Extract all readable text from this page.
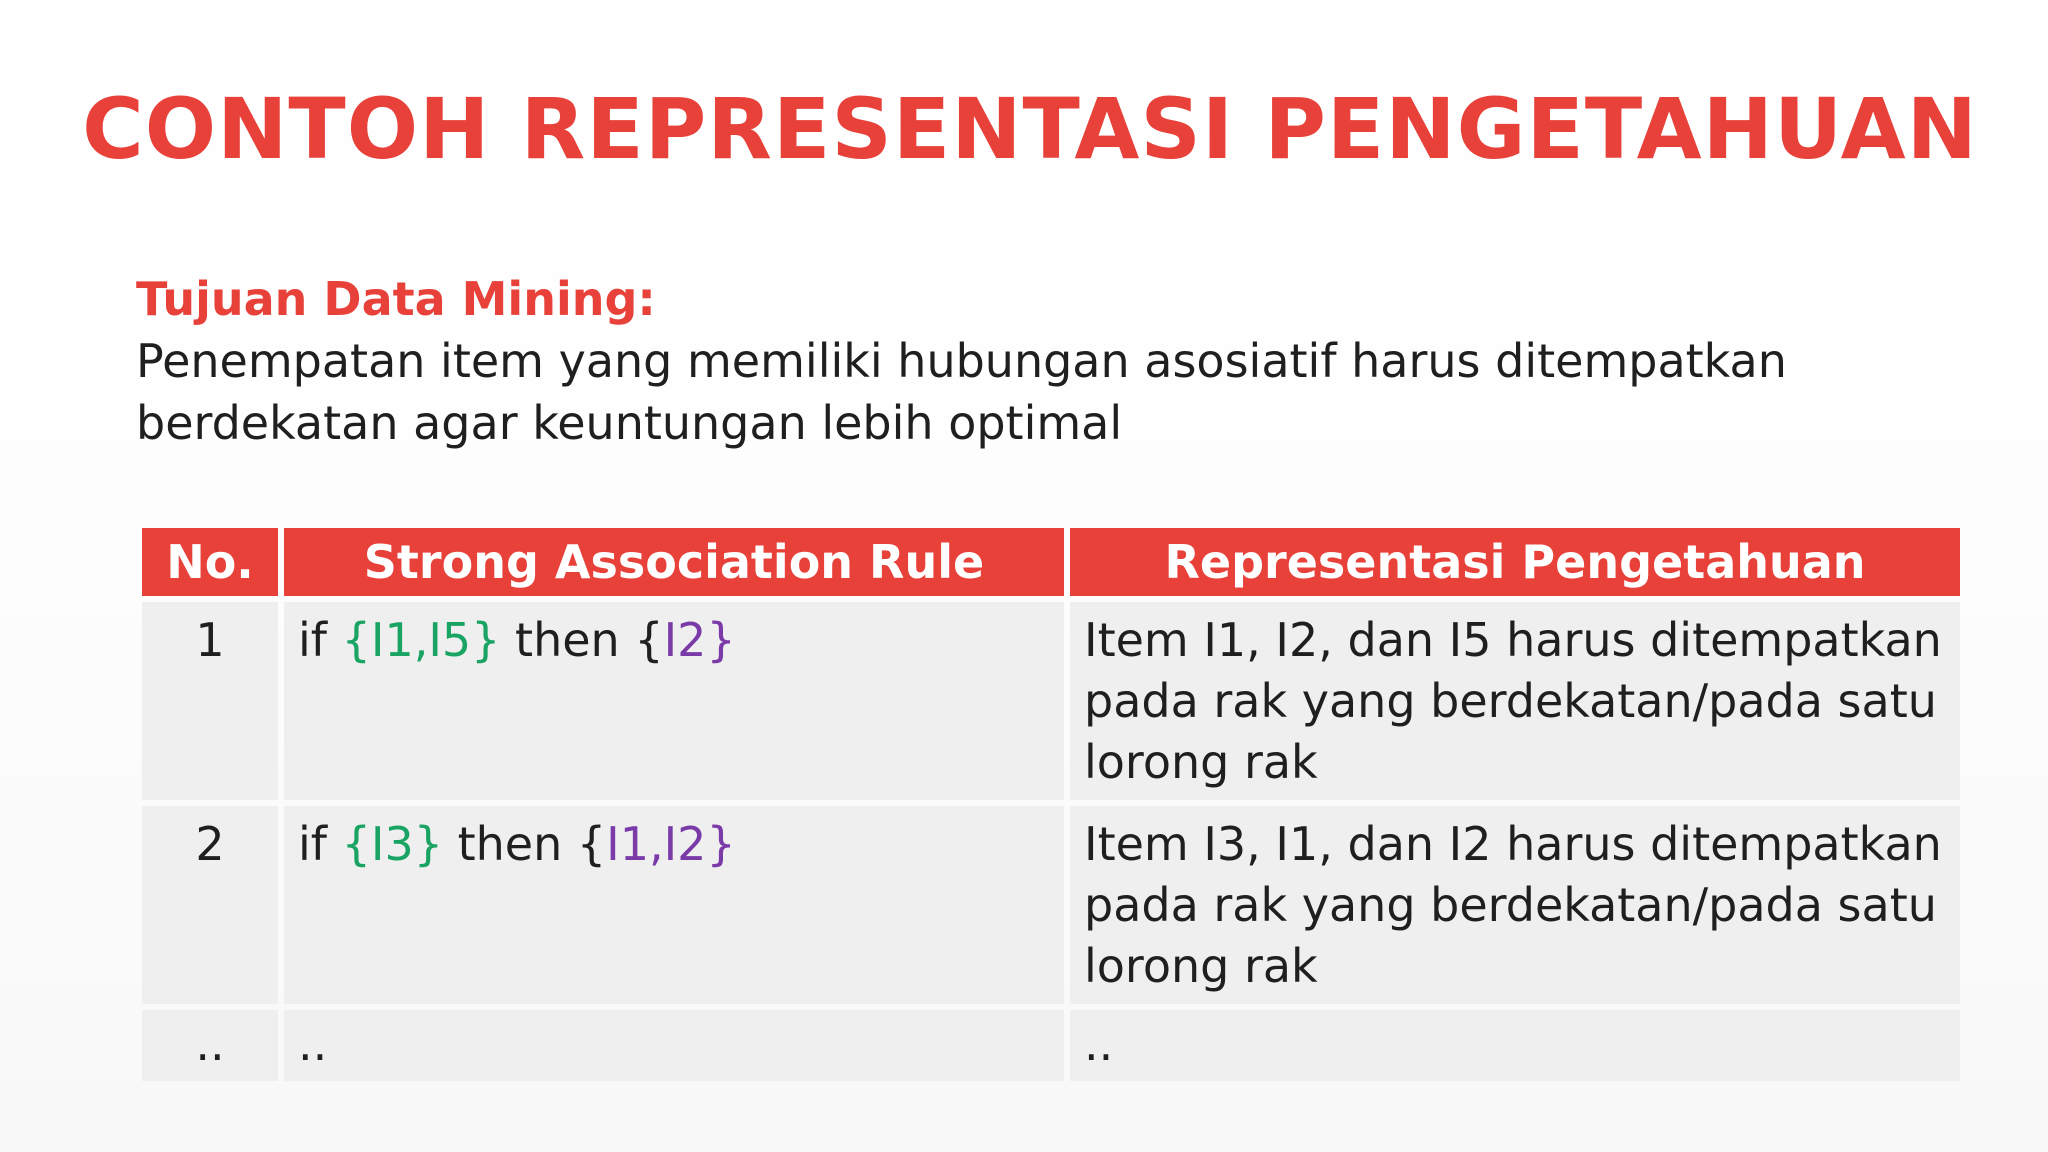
CONTOH REPRESENTASI PENGETAHUAN
Tujuan Data Mining:
Penempatan item yang memiliki hubungan asosiatif harus ditempatkan
berdekatan agar keuntungan lebih optimal
No.	Strong Association Rule	Representasi Pengetahuan
1	if {I1,I5} then {I2}	Item I1, I2, dan I5 harus ditempatkan pada rak yang berdekatan/pada satu lorong rak
2	if {I3} then {I1,I2}	Item I3, I1, dan I2 harus ditempatkan pada rak yang berdekatan/pada satu lorong rak
..	..	..
